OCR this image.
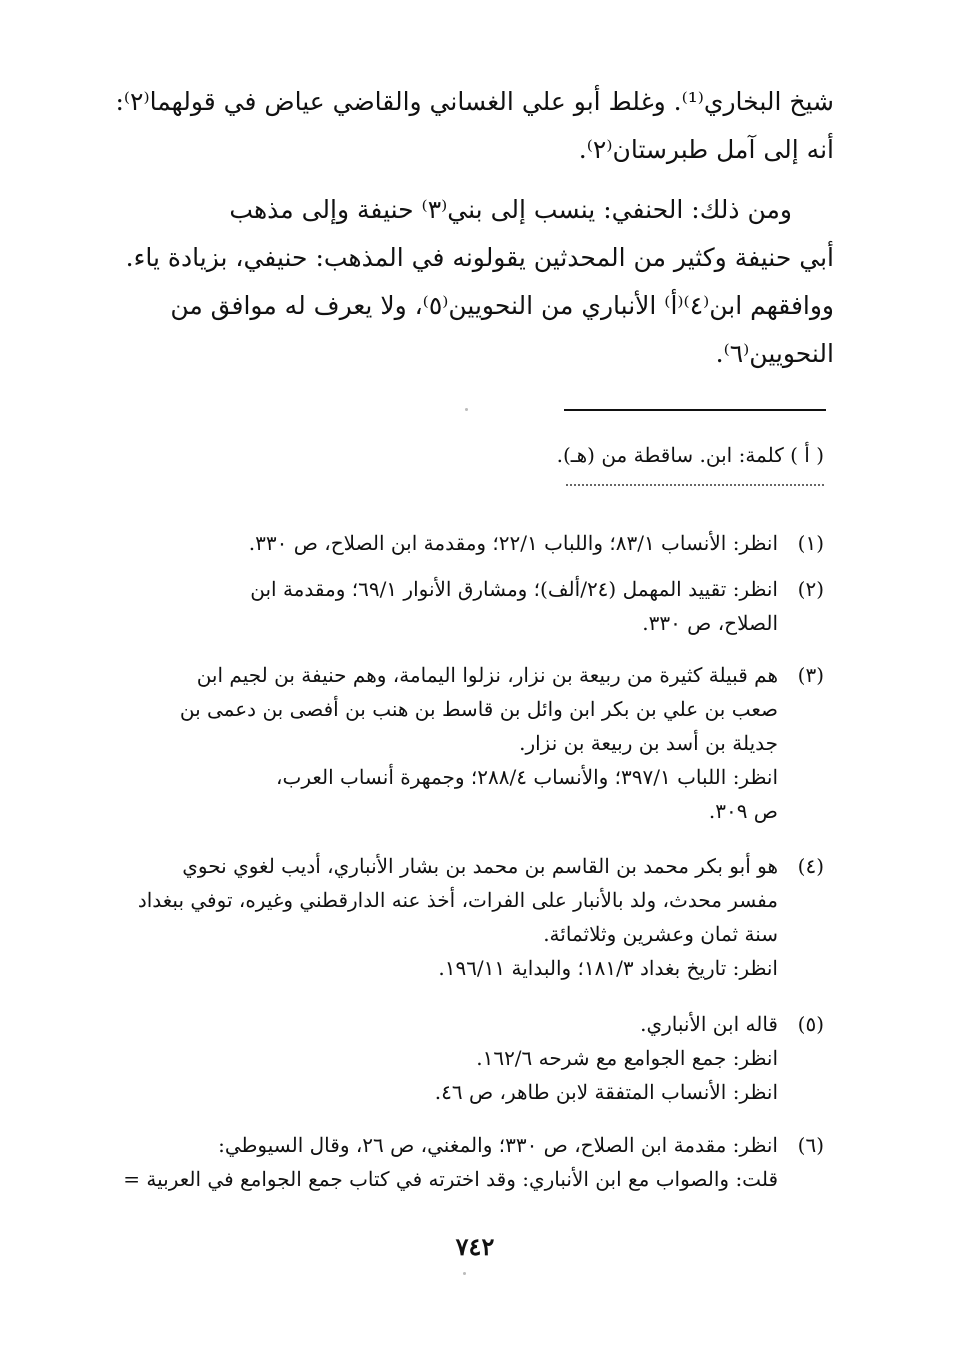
شيخ البخاري⁽¹⁾. وغلط أبو علي الغساني والقاضي عياض في قولهما⁽٢⁾:
أنه إلى آمل طبرستان⁽٢⁾.
ومن ذلك: الحنفي: ينسب إلى بني⁽٣⁾ حنيفة وإلى مذهب
أبي حنيفة وكثير من المحدثين يقولونه في المذهب: حنيفي، بزيادة ياء.
ووافقهم ابن⁽٤⁾⁽أ⁾ الأنباري من النحويين⁽٥⁾، ولا يعرف له موافق من
النحويين⁽٦⁾.
( أ ) كلمة: ابن. ساقطة من (هـ).
(١)
انظر: الأنساب ٨٣/١؛ واللباب ٢٢/١؛ ومقدمة ابن الصلاح، ص ٣٣٠.
(٢)
انظر: تقييد المهمل (٢٤/ألف)؛ ومشارق الأنوار ٦٩/١؛ ومقدمة ابن
الصلاح، ص ٣٣٠.
(٣)
هم قبيلة كثيرة من ربيعة بن نزار، نزلوا اليمامة، وهم حنيفة بن لجيم ابن
صعب بن علي بن بكر ابن وائل بن قاسط بن هنب بن أفصى بن دعمى بن
جديلة بن أسد بن ربيعة بن نزار.
انظر: اللباب ٣٩٧/١؛ والأنساب ٢٨٨/٤؛ وجمهرة أنساب العرب،
ص ٣٠٩.
(٤)
هو أبو بكر محمد بن القاسم بن محمد بن بشار الأنباري، أديب لغوي نحوي
مفسر محدث، ولد بالأنبار على الفرات، أخذ عنه الدارقطني وغيره، توفي ببغداد
سنة ثمان وعشرين وثلاثمائة.
انظر: تاريخ بغداد ١٨١/٣؛ والبداية ١٩٦/١١.
(٥)
قاله ابن الأنباري.
انظر: جمع الجوامع مع شرحه ١٦٢/٦.
انظر: الأنساب المتفقة لابن طاهر، ص ٤٦.
(٦)
انظر: مقدمة ابن الصلاح، ص ٣٣٠؛ والمغني، ص ٢٦، وقال السيوطي:
قلت: والصواب مع ابن الأنباري: وقد اخترته في كتاب جمع الجوامع في العربية =
٧٤٢
